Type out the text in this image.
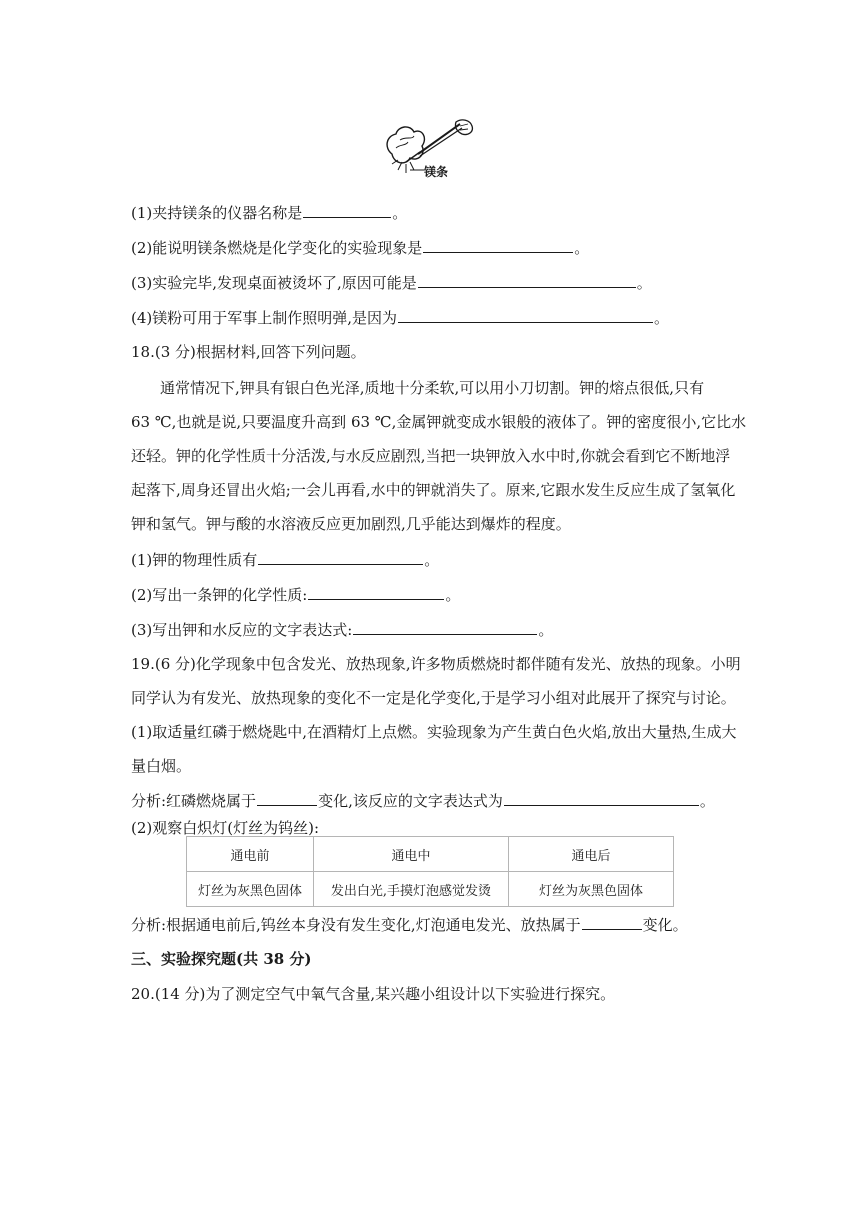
镁条
(1)夹持镁条的仪器名称是	。
(2)能说明镁条燃烧是化学变化的实验现象是	。
(3)实验完毕,发现桌面被烫坏了,原因可能是	。
(4)镁粉可用于军事上制作照明弹,是因为	。
18.(3 分)根据材料,回答下列问题。
通常情况下,钾具有银白色光泽,质地十分柔软,可以用小刀切割。钾的熔点很低,只有
63 ℃,也就是说,只要温度升高到 63 ℃,金属钾就变成水银般的液体了。钾的密度很小,它比水
还轻。钾的化学性质十分活泼,与水反应剧烈,当把一块钾放入水中时,你就会看到它不断地浮
起落下,周身还冒出火焰;一会儿再看,水中的钾就消失了。原来,它跟水发生反应生成了氢氧化
钾和氢气。钾与酸的水溶液反应更加剧烈,几乎能达到爆炸的程度。
(1)钾的物理性质有	。
(2)写出一条钾的化学性质:	。
(3)写出钾和水反应的文字表达式:	。
19.(6 分)化学现象中包含发光、放热现象,许多物质燃烧时都伴随有发光、放热的现象。小明
同学认为有发光、放热现象的变化不一定是化学变化,于是学习小组对此展开了探究与讨论。
(1)取适量红磷于燃烧匙中,在酒精灯上点燃。实验现象为产生黄白色火焰,放出大量热,生成大
量白烟。
分析:红磷燃烧属于	变化,该反应的文字表达式为	。
(2)观察白炽灯(灯丝为钨丝):
通电前	通电中	通电后
灯丝为灰黑色固体	发出白光,手摸灯泡感觉发烫	灯丝为灰黑色固体
分析:根据通电前后,钨丝本身没有发生变化,灯泡通电发光、放热属于	变化。
三、实验探究题(共 38 分)
20.(14 分)为了测定空气中氧气含量,某兴趣小组设计以下实验进行探究。
